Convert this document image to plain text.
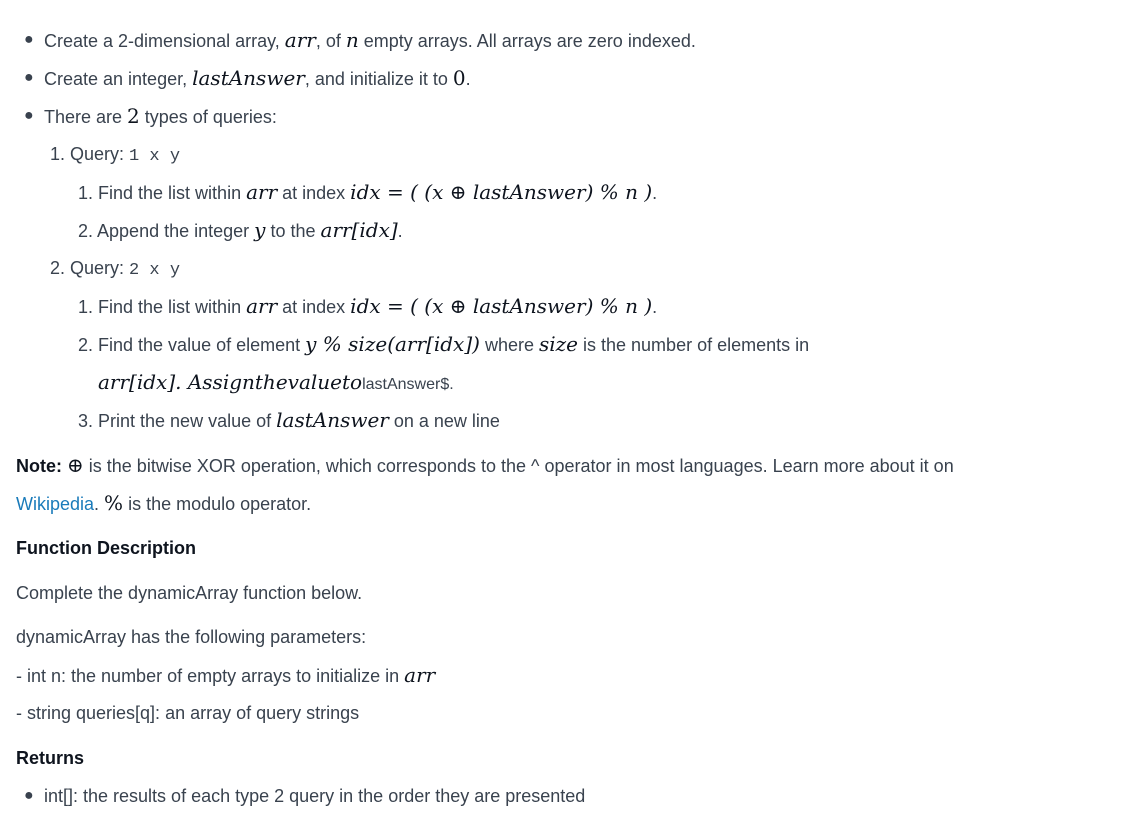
● Create a 2-dimensional array, arr, of n empty arrays. All arrays are zero indexed.
● Create an integer, lastAnswer, and initialize it to 0.
● There are 2 types of queries:
1. Query: 1 x y
1. Find the list within arr at index idx = ( (x ⊕ lastAnswer) % n ).
2. Append the integer y to the arr[idx].
2. Query: 2 x y
1. Find the list within arr at index idx = ( (x ⊕ lastAnswer) % n ).
2. Find the value of element y % size(arr[idx]) where size is the number of elements in
arr[idx]. AssignthevaluetolastAnswer$.
3. Print the new value of lastAnswer on a new line
Note: ⊕ is the bitwise XOR operation, which corresponds to the ^ operator in most languages. Learn more about it on
Wikipedia. % is the modulo operator.
Function Description
Complete the dynamicArray function below.
dynamicArray has the following parameters:
- int n: the number of empty arrays to initialize in arr
- string queries[q]: an array of query strings
Returns
● int[]: the results of each type 2 query in the order they are presented
